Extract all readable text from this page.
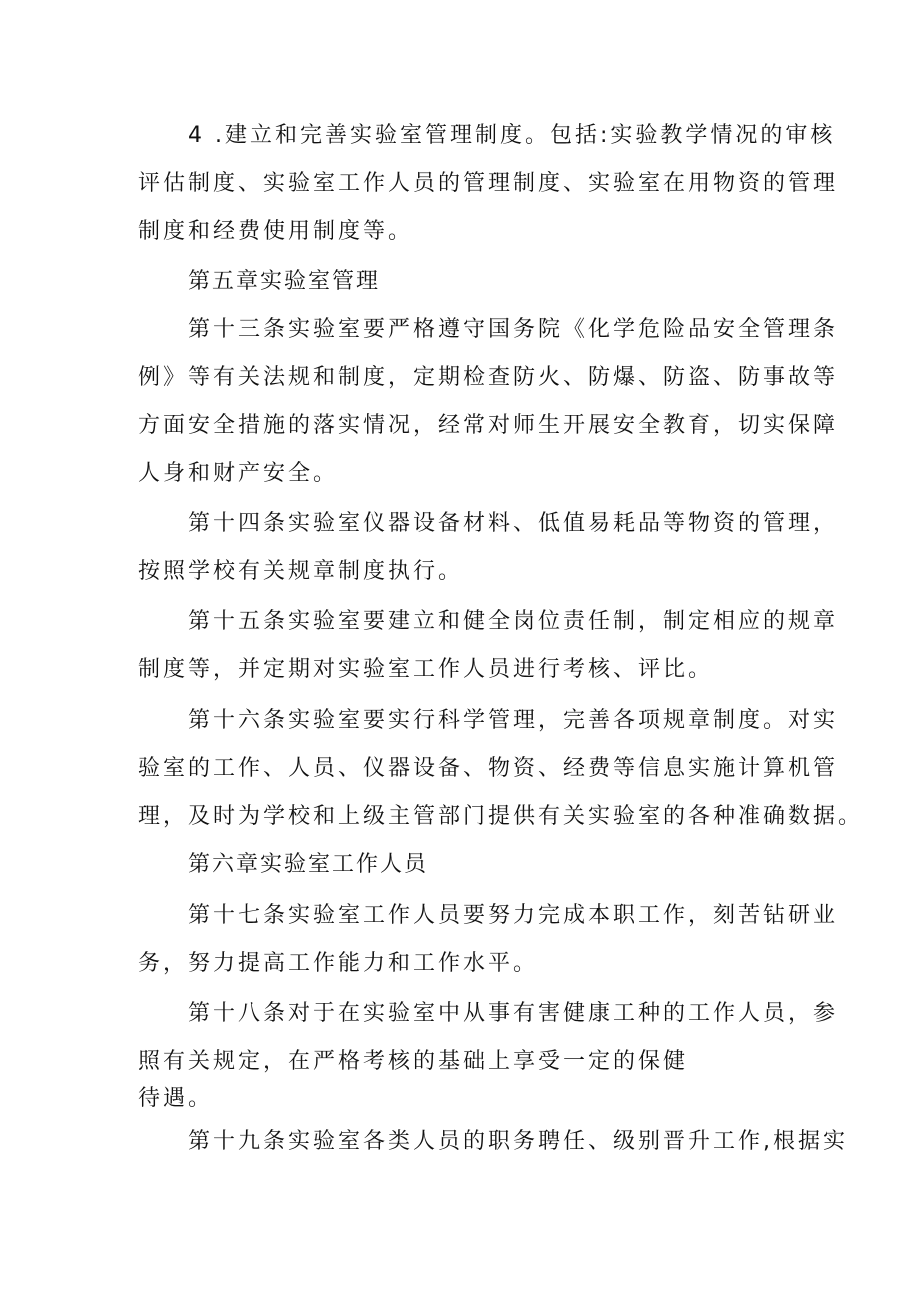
4 .建立和完善实验室管理制度。包括:实验教学情况的审核
评估制度、实验室工作人员的管理制度、实验室在用物资的管理
制度和经费使用制度等。
第五章实验室管理
第十三条实验室要严格遵守国务院《化学危险品安全管理条
例》等有关法规和制度，定期检查防火、防爆、防盗、防事故等
方面安全措施的落实情况，经常对师生开展安全教育，切实保障
人身和财产安全。
第十四条实验室仪器设备材料、低值易耗品等物资的管理，
按照学校有关规章制度执行。
第十五条实验室要建立和健全岗位责任制，制定相应的规章
制度等，并定期对实验室工作人员进行考核、评比。
第十六条实验室要实行科学管理，完善各项规章制度。对实
验室的工作、人员、仪器设备、物资、经费等信息实施计算机管
理，及时为学校和上级主管部门提供有关实验室的各种准确数据。
第六章实验室工作人员
第十七条实验室工作人员要努力完成本职工作，刻苦钻研业
务，努力提高工作能力和工作水平。
第十八条对于在实验室中从事有害健康工种的工作人员，参
照有关规定，在严格考核的基础上享受一定的保健
待遇。
第十九条实验室各类人员的职务聘任、级别晋升工作,根据实
